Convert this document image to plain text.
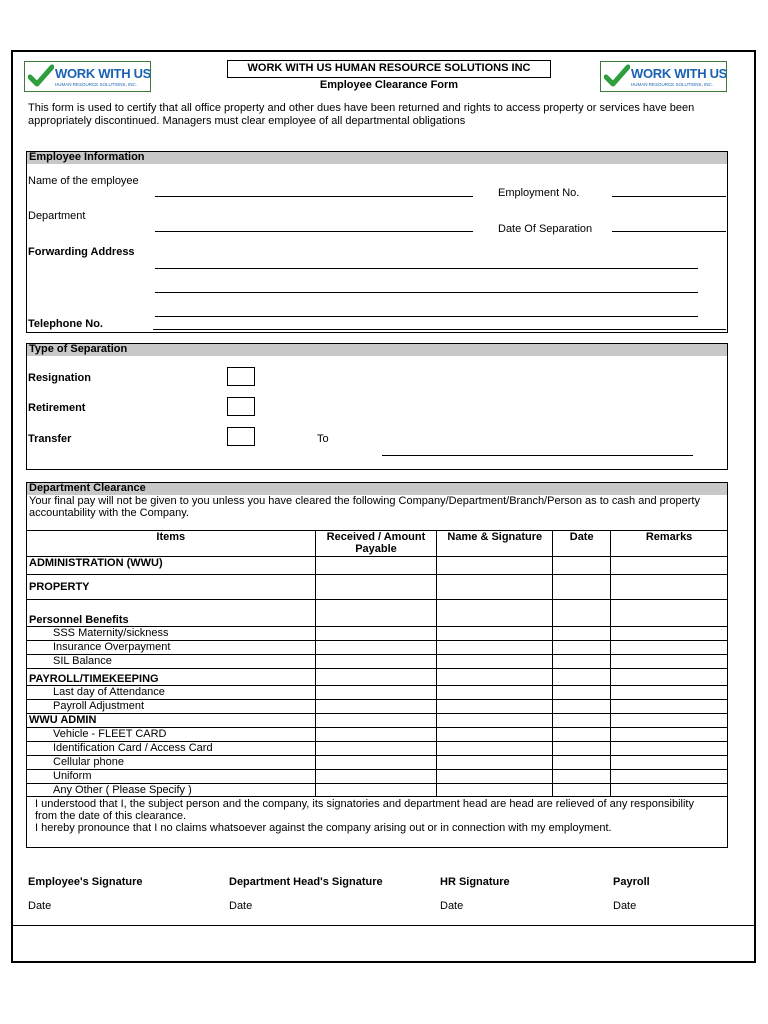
WORK WITH US
HUMAN RESOURCE SOLUTIONS, INC.
WORK WITH US
HUMAN RESOURCE SOLUTIONS, INC.
WORK WITH US HUMAN RESOURCE SOLUTIONS INC
Employee Clearance Form
This form is used to certify that all office property and other dues have been returned and rights to access property or services have been appropriately discontinued. Managers must clear employee of all departmental obligations
Employee Information
Name of the employee
Employment No.
Department
Date Of Separation
Forwarding Address
Telephone No.
Type of Separation
Resignation
Retirement
Transfer	To
Department Clearance
Your final pay will not be given to you unless you have cleared the following Company/Department/Branch/Person as to cash and property accountability with the Company.
Items	Received / Amount Payable	Name & Signature	Date	Remarks
ADMINISTRATION (WWU)				
PROPERTY				
Personnel Benefits				
SSS Maternity/sickness				
Insurance Overpayment				
SIL Balance				
PAYROLL/TIMEKEEPING				
Last day of Attendance				
Payroll Adjustment				
WWU ADMIN				
Vehicle - FLEET CARD				
Identification Card / Access Card				
Cellular phone				
Uniform				
Any Other ( Please Specify )				

I understood that I, the subject person and the company, its signatories and department head are head are relieved of any responsibility from the date of this clearance.
I hereby pronounce that I no claims whatsoever against the company arising out or in connection with my employment.				
Employee's Signature	Department Head's Signature	HR Signature	Payroll
Date	Date	Date	Date
